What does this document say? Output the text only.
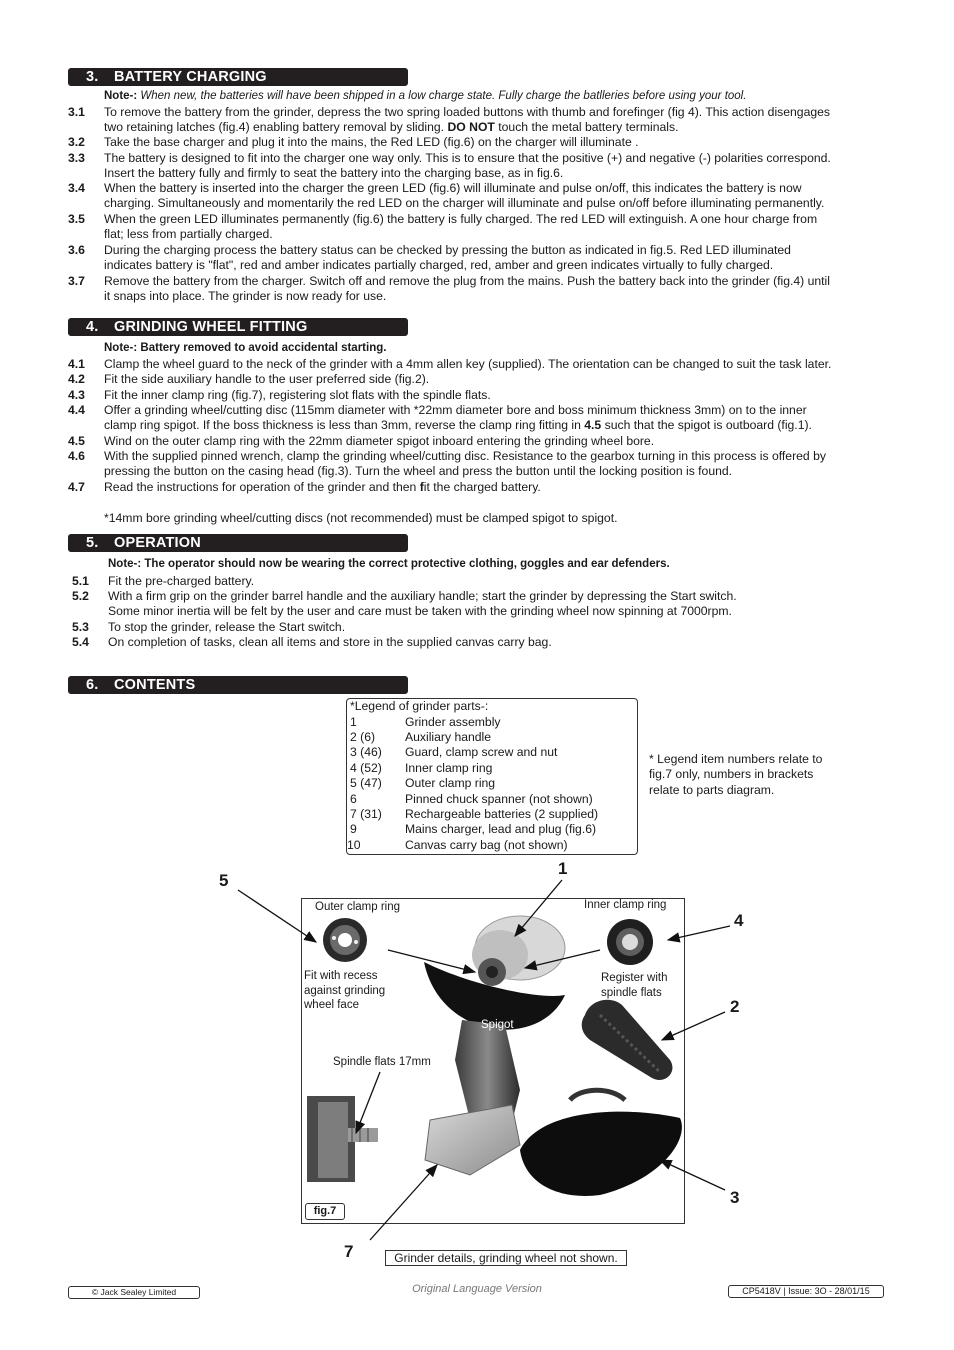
3. BATTERY CHARGING
Note-: When new, the batteries will have been shipped in a low charge state. Fully charge the batlleries before using your tool.
3.1 To remove the battery from the grinder, depress the two spring loaded buttons with thumb and forefinger (fig 4). This action disengages
two retaining latches (fig.4) enabling battery removal by sliding. DO NOT touch the metal battery terminals.
3.2 Take the base charger and plug it into the mains, the Red LED (fig.6) on the charger will illuminate .
3.3 The battery is designed to fit into the charger one way only. This is to ensure that the positive (+) and negative (-) polarities correspond.
Insert the battery fully and firmly to seat the battery into the charging base, as in fig.6.
3.4 When the battery is inserted into the charger the green LED (fig.6) will illuminate and pulse on/off, this indicates the battery is now
charging. Simultaneously and momentarily the red LED on the charger will illuminate and pulse on/off before illuminating permanently.
3.5 When the green LED illuminates permanently (fig.6) the battery is fully charged. The red LED will extinguish. A one hour charge from
flat; less from partially charged.
3.6 During the charging process the battery status can be checked by pressing the button as indicated in fig.5. Red LED illuminated
indicates battery is "flat", red and amber indicates partially charged, red, amber and green indicates virtually to fully charged.
3.7 Remove the battery from the charger. Switch off and remove the plug from the mains. Push the battery back into the grinder (fig.4) until
it snaps into place. The grinder is now ready for use.
4. GRINDING WHEEL FITTING
Note-: Battery removed to avoid accidental starting.
4.1 Clamp the wheel guard to the neck of the grinder with a 4mm allen key (supplied). The orientation can be changed to suit the task later.
4.2 Fit the side auxiliary handle to the user preferred side (fig.2).
4.3 Fit the inner clamp ring (fig.7), registering slot flats with the spindle flats.
4.4 Offer a grinding wheel/cutting disc (115mm diameter with *22mm diameter bore and boss minimum thickness 3mm) on to the inner
clamp ring spigot. If the boss thickness is less than 3mm, reverse the clamp ring fitting in 4.5 such that the spigot is outboard (fig.1).
4.5 Wind on the outer clamp ring with the 22mm diameter spigot inboard entering the grinding wheel bore.
4.6 With the supplied pinned wrench, clamp the grinding wheel/cutting disc. Resistance to the gearbox turning in this process is offered by
pressing the button on the casing head (fig.3). Turn the wheel and press the button until the locking position is found.
4.7 Read the instructions for operation of the grinder and then fit the charged battery.
*14mm bore grinding wheel/cutting discs (not recommended) must be clamped spigot to spigot.
5. OPERATION
Note-: The operator should now be wearing the correct protective clothing, goggles and ear defenders.
5.1 Fit the pre-charged battery.
5.2 With a firm grip on the grinder barrel handle and the auxiliary handle; start the grinder by depressing the Start switch.
Some minor inertia will be felt by the user and care must be taken with the grinding wheel now spinning at 7000rpm.
5.3 To stop the grinder, release the Start switch.
5.4 On completion of tasks, clean all items and store in the supplied canvas carry bag.
6. CONTENTS
*Legend of grinder parts-:
1	Grinder assembly
2 (6) Auxiliary handle
3 (46) Guard, clamp screw and nut
4 (52) Inner clamp ring
5 (47) Outer clamp ring
6	Pinned chuck spanner (not shown)
7 (31) Rechargeable batteries (2 supplied)
9	Mains charger, lead and plug (fig.6)
10	Canvas carry bag (not shown)
* Legend item numbers relate to
fig.7 only, numbers in brackets
relate to parts diagram.
1
2
3
4
5
7
Outer clamp ring	Inner clamp ring
Fit with recess
against grinding
wheel face
Register with
spindle flats
Spigot
Spindle flats 17mm
fig.7
Grinder details, grinding wheel not shown.
© Jack Sealey Limited	Original Language Version	CP5418V | Issue: 3O - 28/01/15
